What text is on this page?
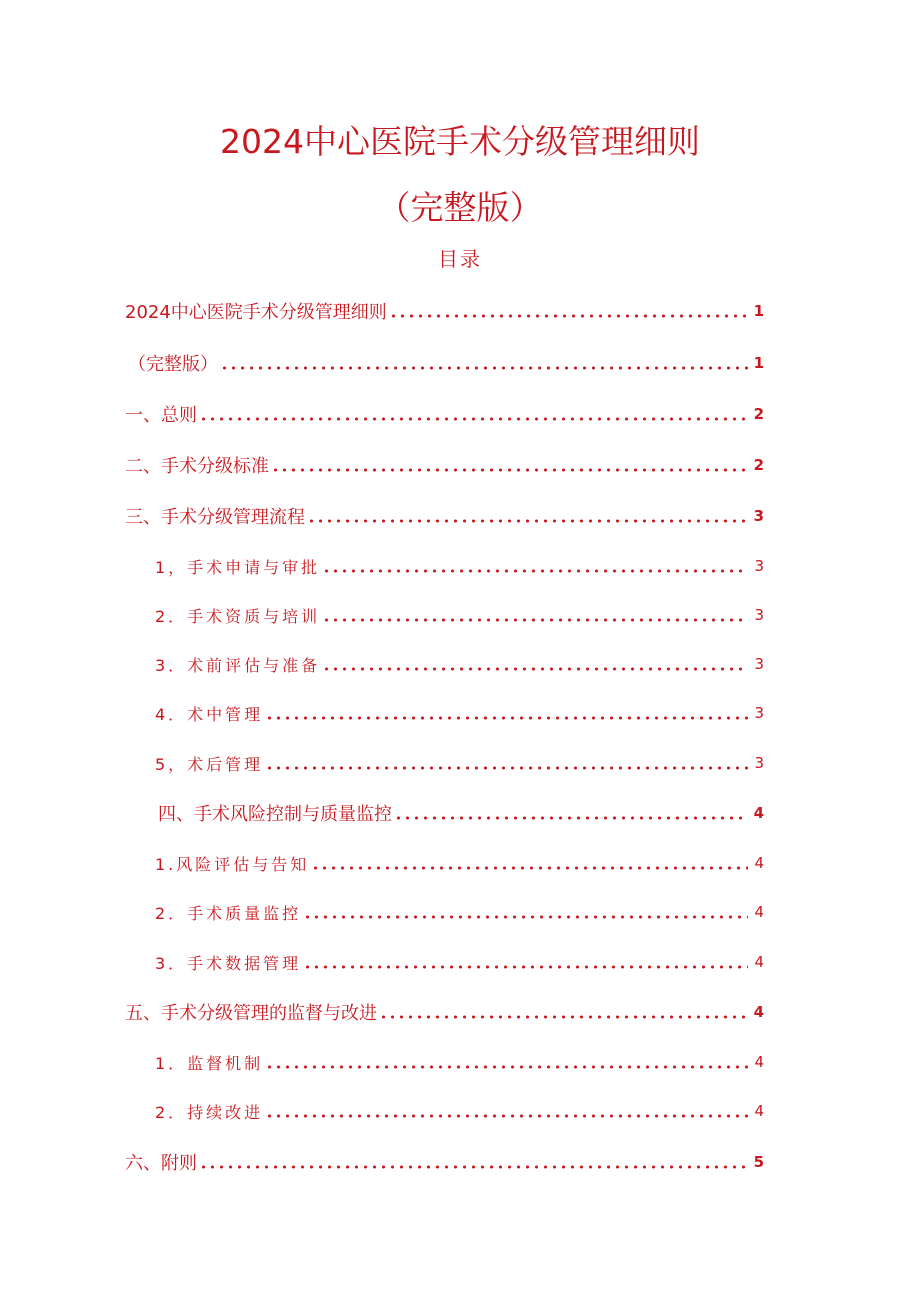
2024中心医院手术分级管理细则
（完整版）
目录
2024中心医院手术分级管理细则	1
（完整版）	1
一、总则	2
二、手术分级标准	2
三、手术分级管理流程	3
1，手术申请与审批	3
2．手术资质与培训	3
3．术前评估与准备	3
4．术中管理	3
5，术后管理	3
四、手术风险控制与质量监控	4
1.风险评估与告知	4
2．手术质量监控	4
3．手术数据管理	4
五、手术分级管理的监督与改进	4
1．监督机制	4
2．持续改进	4
六、附则	5
